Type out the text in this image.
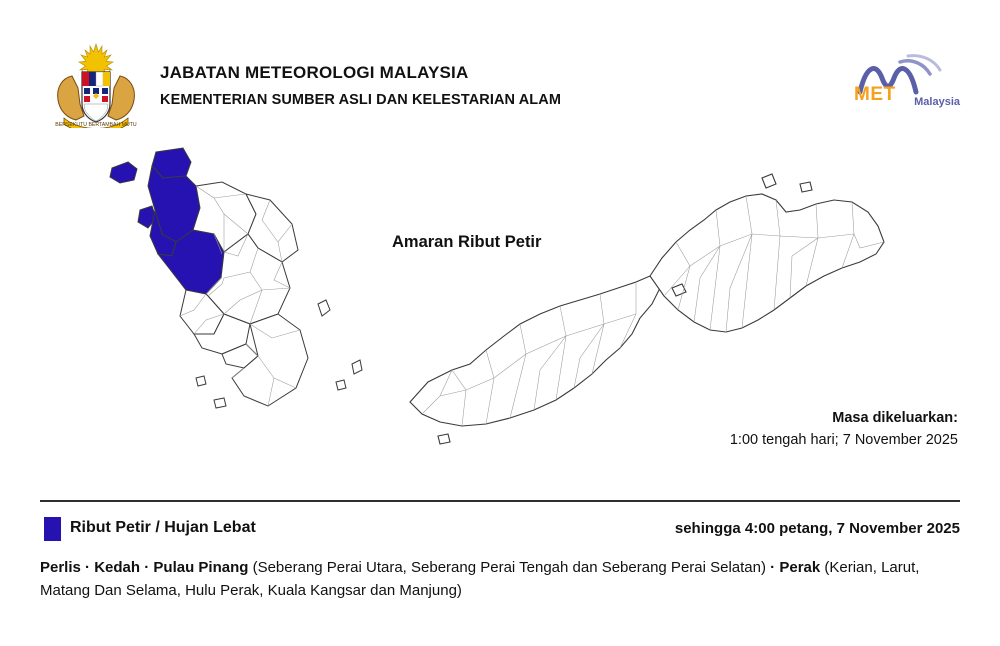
BERSEKUTU BERTAMBAH MUTU
JABATAN METEOROLOGI MALAYSIA
KEMENTERIAN SUMBER ASLI DAN KELESTARIAN ALAM	MET Malaysia
Amaran Ribut Petir
Masa dikeluarkan:
1:00 tengah hari; 7 November 2025
Ribut Petir / Hujan Lebat	sehingga 4:00 petang, 7 November 2025
Perlis · Kedah · Pulau Pinang (Seberang Perai Utara, Seberang Perai Tengah dan Seberang Perai Selatan) · Perak (Kerian, Larut, Matang Dan Selama, Hulu Perak, Kuala Kangsar dan Manjung)
